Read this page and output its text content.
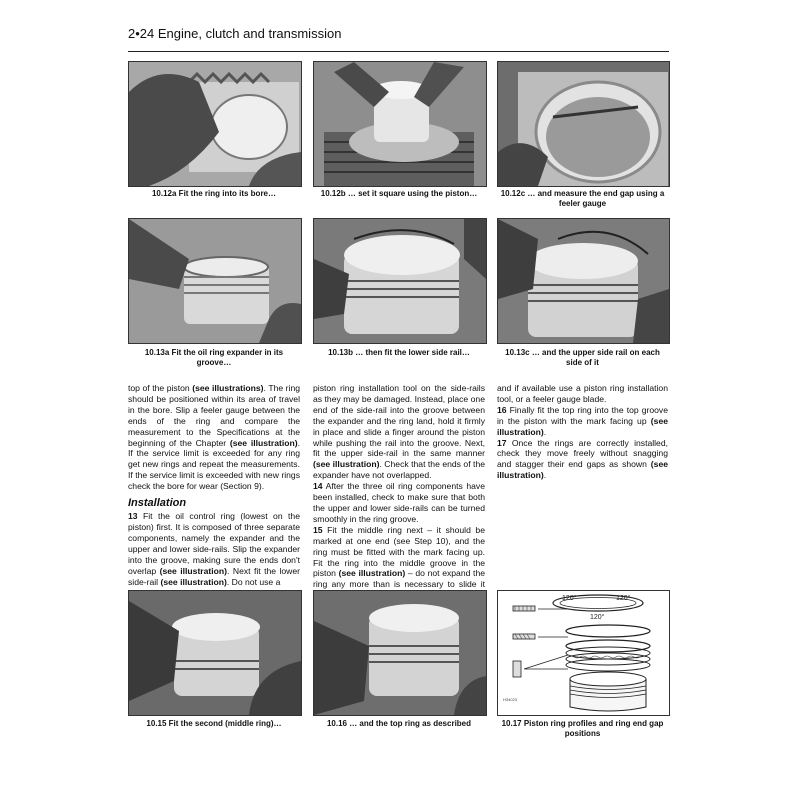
2•24 Engine, clutch and transmission
10.12a Fit the ring into its bore…	10.12b … set it square using the piston…	10.12c … and measure the end gap using a feeler gauge
10.13a Fit the oil ring expander in its groove…
10.13b … then fit the lower side rail…	10.13c … and the upper side rail on each side of it

top of the piston (see illustrations). The ring should be positioned within its area of travel in the bore. Slip a feeler gauge between the ends of the ring and compare the measurement to the Specifications at the beginning of the Chapter (see illustration). If the service limit is exceeded for any ring get new rings and repeat the measurements. If the service limit is exceeded with new rings check the bore for wear (Section 9).

Installation

13 Fit the oil control ring (lowest on the piston) first. It is composed of three separate components, namely the expander and the upper and lower side-rails. Slip the expander into the groove, making sure the ends don't overlap (see illustration). Next fit the lower side-rail (see illustration). Do not use a

piston ring installation tool on the side-rails as they may be damaged. Instead, place one end of the side-rail into the groove between the expander and the ring land, hold it firmly in place and slide a finger around the piston while pushing the rail into the groove. Next, fit the upper side-rail in the same manner (see illustration). Check that the ends of the expander have not overlapped.

14 After the three oil ring components have been installed, check to make sure that both the upper and lower side-rails can be turned smoothly in the ring groove.

15 Fit the middle ring next – it should be marked at one end (see Step 10), and the ring must be fitted with the mark facing up. Fit the ring into the middle groove in the piston (see illustration) – do not expand the ring any more than is necessary to slide it

and if available use a piston ring installation tool, or a feeler gauge blade.

16 Finally fit the top ring into the top groove in the piston with the mark facing up (see illustration).

17 Once the rings are correctly installed, check they move freely without snagging and stagger their end gaps as shown (see illustration).

10.15 Fit the second (middle ring)…	10.16 … and the top ring as described
120°	120°
120°
H34023
10.17 Piston ring profiles and ring end gap positions
